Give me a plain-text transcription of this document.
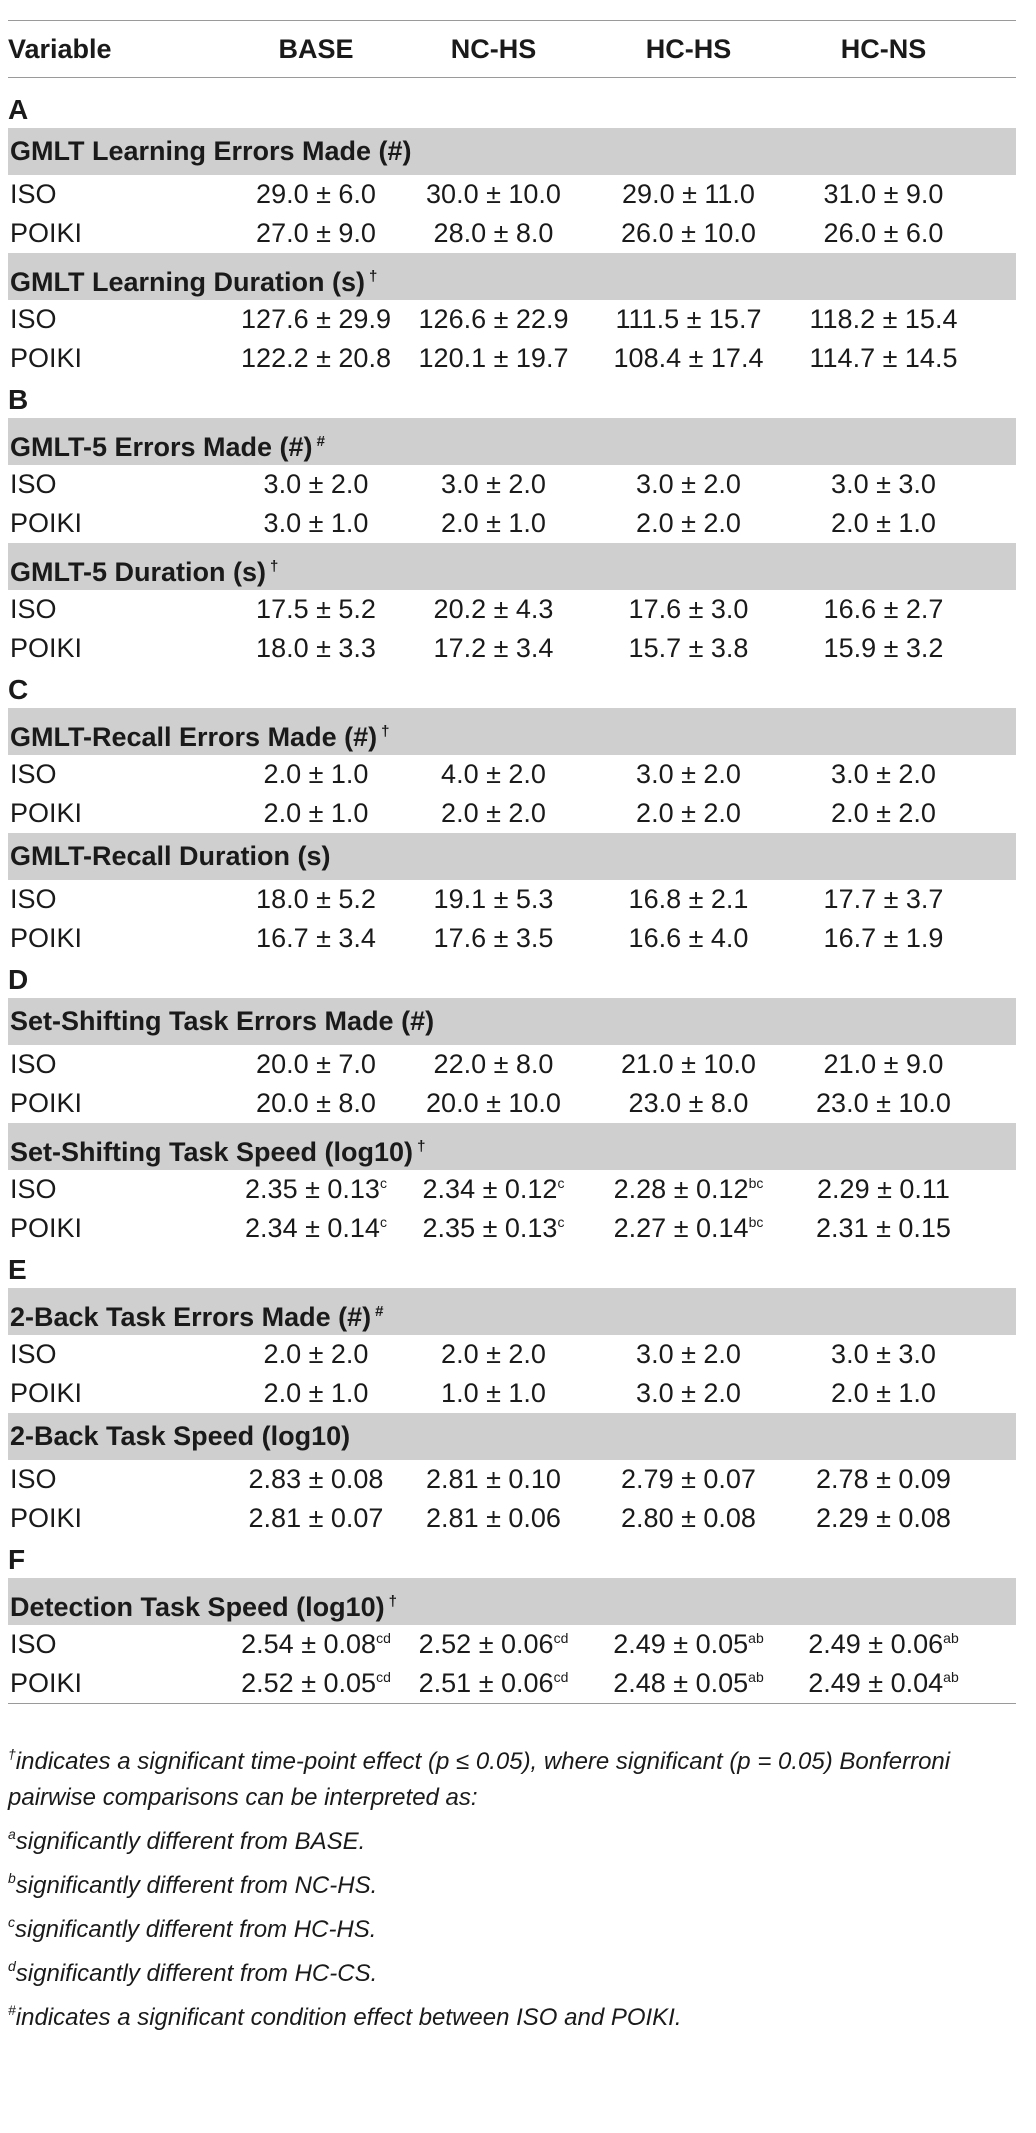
Variable	BASE	NC-HS	HC-HS	HC-NS
A
GMLT Learning Errors Made (#)
ISO	29.0 ± 6.0	30.0 ± 10.0	29.0 ± 11.0	31.0 ± 9.0
POIKI	27.0 ± 9.0	28.0 ± 8.0	26.0 ± 10.0	26.0 ± 6.0
GMLT Learning Duration (s) †
ISO	127.6 ± 29.9	126.6 ± 22.9	111.5 ± 15.7	118.2 ± 15.4
POIKI	122.2 ± 20.8	120.1 ± 19.7	108.4 ± 17.4	114.7 ± 14.5
B
GMLT-5 Errors Made (#) #
ISO	3.0 ± 2.0	3.0 ± 2.0	3.0 ± 2.0	3.0 ± 3.0
POIKI	3.0 ± 1.0	2.0 ± 1.0	2.0 ± 2.0	2.0 ± 1.0
GMLT-5 Duration (s) †
ISO	17.5 ± 5.2	20.2 ± 4.3	17.6 ± 3.0	16.6 ± 2.7
POIKI	18.0 ± 3.3	17.2 ± 3.4	15.7 ± 3.8	15.9 ± 3.2
C
GMLT-Recall Errors Made (#) †
ISO	2.0 ± 1.0	4.0 ± 2.0	3.0 ± 2.0	3.0 ± 2.0
POIKI	2.0 ± 1.0	2.0 ± 2.0	2.0 ± 2.0	2.0 ± 2.0
GMLT-Recall Duration (s)
ISO	18.0 ± 5.2	19.1 ± 5.3	16.8 ± 2.1	17.7 ± 3.7
POIKI	16.7 ± 3.4	17.6 ± 3.5	16.6 ± 4.0	16.7 ± 1.9
D
Set-Shifting Task Errors Made (#)
ISO	20.0 ± 7.0	22.0 ± 8.0	21.0 ± 10.0	21.0 ± 9.0
POIKI	20.0 ± 8.0	20.0 ± 10.0	23.0 ± 8.0	23.0 ± 10.0
Set-Shifting Task Speed (log10) †
ISO	2.35 ± 0.13$^c$	2.34 ± 0.12$^c$	2.28 ± 0.12$^{bc}$	2.29 ± 0.11
POIKI	2.34 ± 0.14$^c$	2.35 ± 0.13$^c$	2.27 ± 0.14$^{bc}$	2.31 ± 0.15
E
2-Back Task Errors Made (#) #
ISO	2.0 ± 2.0	2.0 ± 2.0	3.0 ± 2.0	3.0 ± 3.0
POIKI	2.0 ± 1.0	1.0 ± 1.0	3.0 ± 2.0	2.0 ± 1.0
2-Back Task Speed (log10)
ISO	2.83 ± 0.08	2.81 ± 0.10	2.79 ± 0.07	2.78 ± 0.09
POIKI	2.81 ± 0.07	2.81 ± 0.06	2.80 ± 0.08	2.29 ± 0.08
F
Detection Task Speed (log10) †
ISO	2.54 ± 0.08$^{cd}$	2.52 ± 0.06$^{cd}$	2.49 ± 0.05$^{ab}$	2.49 ± 0.06$^{ab}$
POIKI	2.52 ± 0.05$^{cd}$	2.51 ± 0.06$^{cd}$	2.48 ± 0.05$^{ab}$	2.49 ± 0.04$^{ab}$
†indicates a significant time-point effect (p ≤ 0.05), where significant (p = 0.05) Bonferroni pairwise comparisons can be interpreted as:
$^a$significantly different from BASE.
$^b$significantly different from NC-HS.
$^c$significantly different from HC-HS.
$^d$significantly different from HC-CS.
#indicates a significant condition effect between ISO and POIKI.
